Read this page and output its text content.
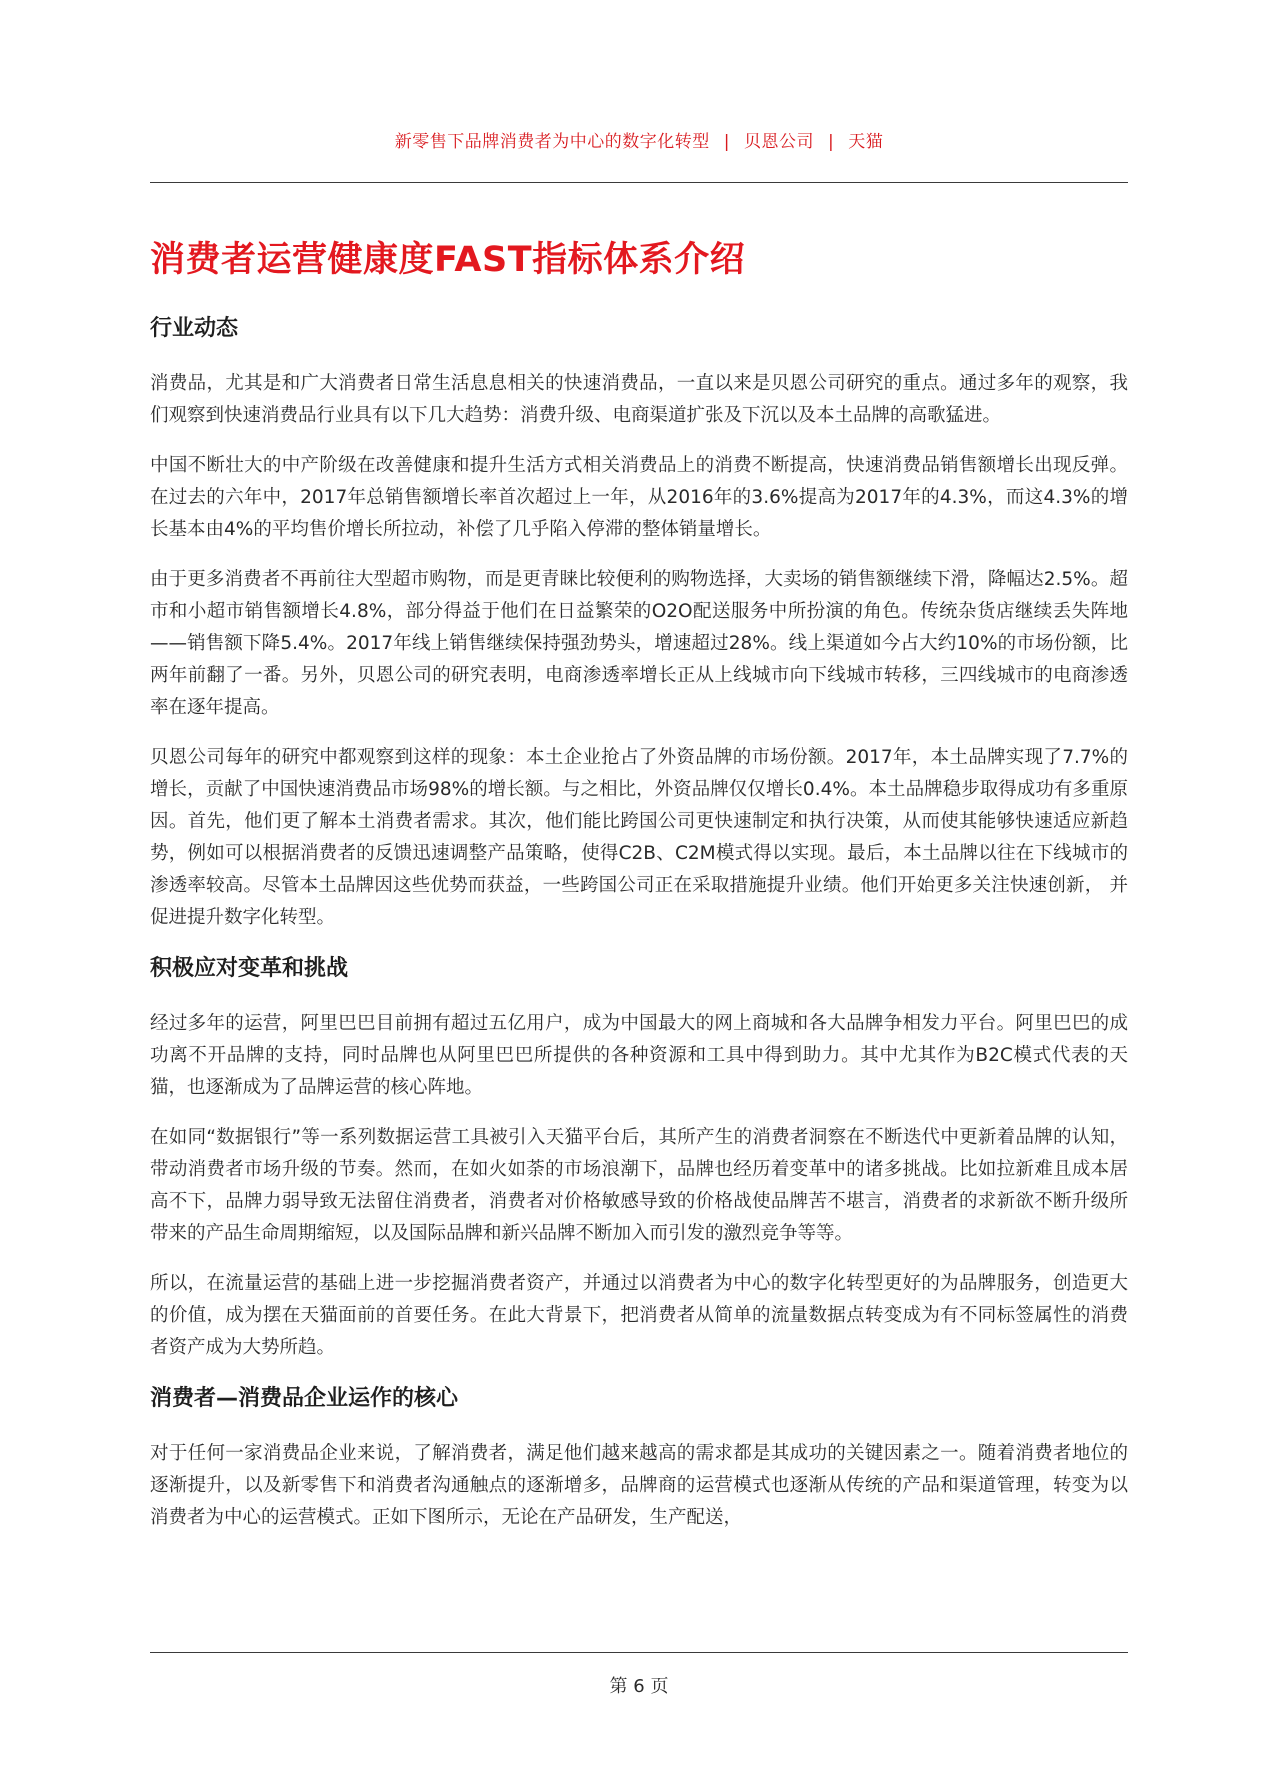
新零售下品牌消费者为中心的数字化转型 | 贝恩公司 | 天猫
消费者运营健康度FAST指标体系介绍
行业动态

消费品，尤其是和广大消费者日常生活息息相关的快速消费品，一直以来是贝恩公司研究的重点。通过多年的观察，我们观察到快速消费品行业具有以下几大趋势：消费升级、电商渠道扩张及下沉以及本土品牌的高歌猛进。

中国不断壮大的中产阶级在改善健康和提升生活方式相关消费品上的消费不断提高，快速消费品销售额增长出现反弹。在过去的六年中，2017年总销售额增长率首次超过上一年，从2016年的3.6%提高为2017年的4.3%，而这4.3%的增长基本由4%的平均售价增长所拉动，补偿了几乎陷入停滞的整体销量增长。

由于更多消费者不再前往大型超市购物，而是更青睐比较便利的购物选择，大卖场的销售额继续下滑，降幅达2.5%。超市和小超市销售额增长4.8%，部分得益于他们在日益繁荣的O2O配送服务中所扮演的角色。传统杂货店继续丢失阵地——销售额下降5.4%。2017年线上销售继续保持强劲势头，增速超过28%。线上渠道如今占大约10%的市场份额，比两年前翻了一番。另外，贝恩公司的研究表明，电商渗透率增长正从上线城市向下线城市转移，三四线城市的电商渗透率在逐年提高。

贝恩公司每年的研究中都观察到这样的现象：本土企业抢占了外资品牌的市场份额。2017年，本土品牌实现了7.7%的增长，贡献了中国快速消费品市场98%的增长额。与之相比，外资品牌仅仅增长0.4%。本土品牌稳步取得成功有多重原因。首先，他们更了解本土消费者需求。其次，他们能比跨国公司更快速制定和执行决策，从而使其能够快速适应新趋势，例如可以根据消费者的反馈迅速调整产品策略，使得C2B、C2M模式得以实现。最后，本土品牌以往在下线城市的渗透率较高。尽管本土品牌因这些优势而获益，一些跨国公司正在采取措施提升业绩。他们开始更多关注快速创新， 并促进提升数字化转型。

积极应对变革和挑战

经过多年的运营，阿里巴巴目前拥有超过五亿用户，成为中国最大的网上商城和各大品牌争相发力平台。阿里巴巴的成功离不开品牌的支持，同时品牌也从阿里巴巴所提供的各种资源和工具中得到助力。其中尤其作为B2C模式代表的天猫，也逐渐成为了品牌运营的核心阵地。

在如同“数据银行”等一系列数据运营工具被引入天猫平台后，其所产生的消费者洞察在不断迭代中更新着品牌的认知，带动消费者市场升级的节奏。然而，在如火如荼的市场浪潮下，品牌也经历着变革中的诸多挑战。比如拉新难且成本居高不下，品牌力弱导致无法留住消费者，消费者对价格敏感导致的价格战使品牌苦不堪言，消费者的求新欲不断升级所带来的产品生命周期缩短，以及国际品牌和新兴品牌不断加入而引发的激烈竞争等等。

所以，在流量运营的基础上进一步挖掘消费者资产，并通过以消费者为中心的数字化转型更好的为品牌服务，创造更大的价值，成为摆在天猫面前的首要任务。在此大背景下，把消费者从简单的流量数据点转变成为有不同标签属性的消费者资产成为大势所趋。

消费者—消费品企业运作的核心

对于任何一家消费品企业来说，了解消费者，满足他们越来越高的需求都是其成功的关键因素之一。随着消费者地位的逐渐提升，以及新零售下和消费者沟通触点的逐渐增多，品牌商的运营模式也逐渐从传统的产品和渠道管理，转变为以消费者为中心的运营模式。正如下图所示，无论在产品研发，生产配送，

第 6 页
